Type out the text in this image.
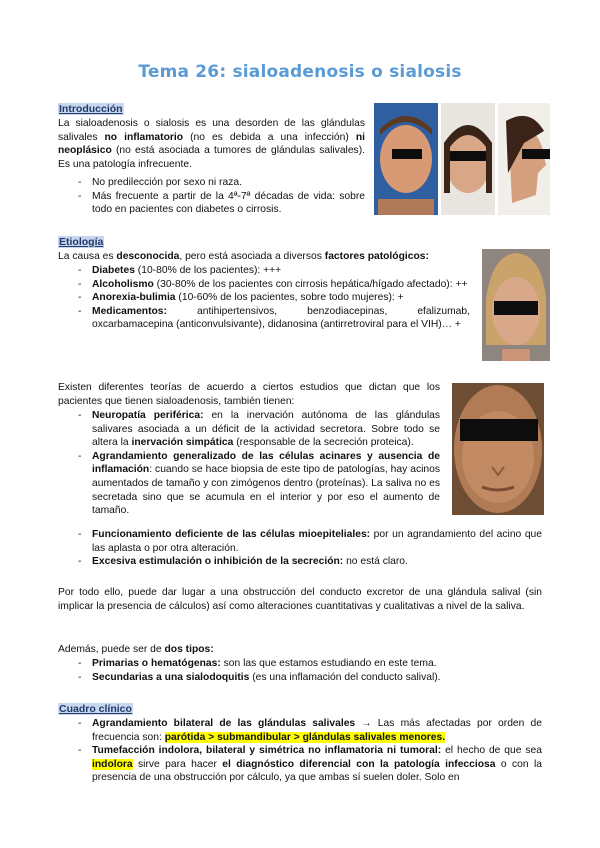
Tema 26: sialoadenosis o sialosis
Introducción
La sialoadenosis o sialosis es una desorden de las glándulas salivales no inflamatorio (no es debida a una infección) ni neoplásico (no está asociada a tumores de glándulas salivales). Es una patología infrecuente.
- No predilección por sexo ni raza.
- Más frecuente a partir de la 4ª-7ª décadas de vida: sobre todo en pacientes con diabetes o cirrosis.
Etiología
La causa es desconocida, pero está asociada a diversos factores patológicos:
- Diabetes (10-80% de los pacientes): +++
- Alcoholismo (30-80% de los pacientes con cirrosis hepática/hígado afectado): ++
- Anorexia-bulimia (10-60% de los pacientes, sobre todo mujeres): +
- Medicamentos: antihipertensivos, benzodiacepinas, efalizumab, oxcarbamacepina (anticonvulsivante), didanosina (antirretroviral para el VIH)… +
Existen diferentes teorías de acuerdo a ciertos estudios que dictan que los pacientes que tienen sialoadenosis, también tienen:
- Neuropatía periférica: en la inervación autónoma de las glándulas salivares asociada a un déficit de la actividad secretora. Sobre todo se altera la inervación simpática (responsable de la secreción proteica).
- Agrandamiento generalizado de las células acinares y ausencia de inflamación: cuando se hace biopsia de este tipo de patologías, hay acinos aumentados de tamaño y con zimógenos dentro (proteínas). La saliva no es secretada sino que se acumula en el interior y por eso el aumento de tamaño.
- Funcionamiento deficiente de las células mioepiteliales: por un agrandamiento del acino que las aplasta o por otra alteración.
- Excesiva estimulación o inhibición de la secreción: no está claro.
Por todo ello, puede dar lugar a una obstrucción del conducto excretor de una glándula salival (sin implicar la presencia de cálculos) así como alteraciones cuantitativas y cualitativas a nivel de la saliva.
Además, puede ser de dos tipos:
- Primarias o hematógenas: son las que estamos estudiando en este tema.
- Secundarias a una sialodoquitis (es una inflamación del conducto salival).
Cuadro clínico
- Agrandamiento bilateral de las glándulas salivales → Las más afectadas por orden de frecuencia son: parótida > submandibular > glándulas salivales menores.
- Tumefacción indolora, bilateral y simétrica no inflamatoria ni tumoral: el hecho de que sea indolora sirve para hacer el diagnóstico diferencial con la patología infecciosa o con la presencia de una obstrucción por cálculo, ya que ambas sí suelen doler. Solo en
